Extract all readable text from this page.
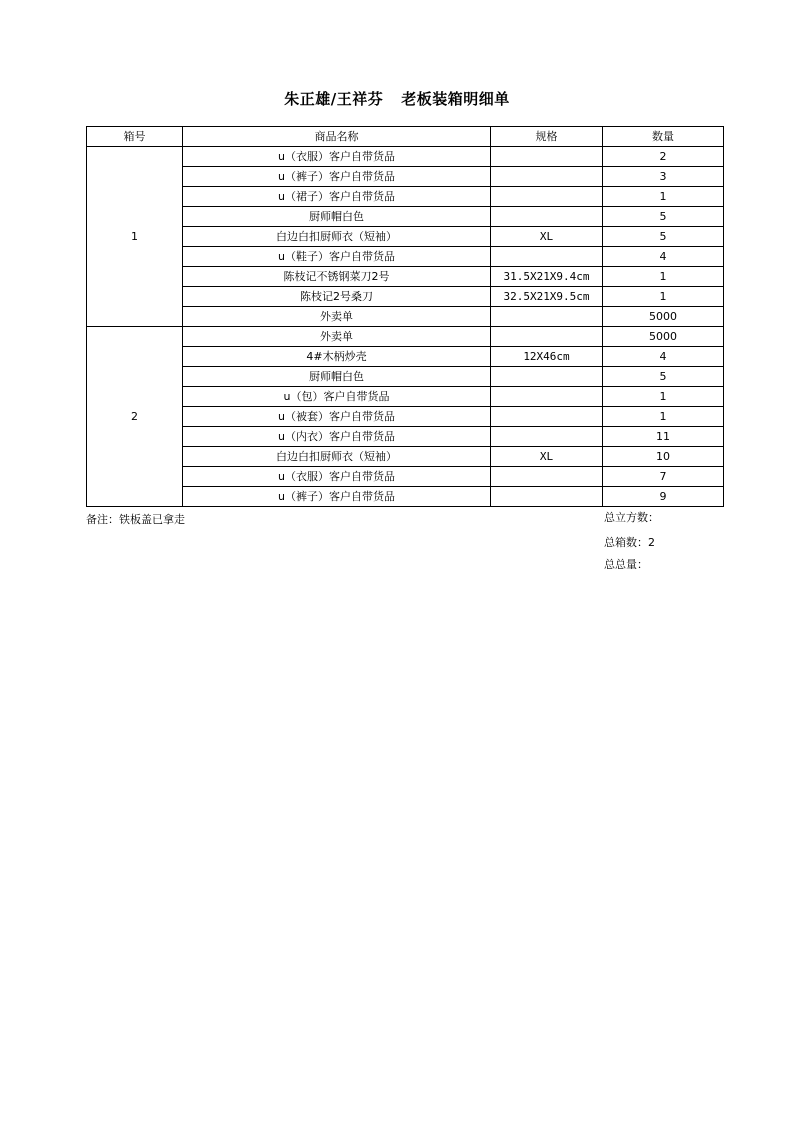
朱正雄/王祥芬 老板装箱明细单
箱号	商品名称	规格	数量
1	u（衣服）客户自带货品		2
	u（裤子）客户自带货品		3
	u（裙子）客户自带货品		1
	厨师帽白色		5
	白边白扣厨师衣（短袖）	XL	5
	u（鞋子）客户自带货品		4
	陈枝记不锈钢菜刀2号	31.5X21X9.4cm	1
	陈枝记2号桑刀	32.5X21X9.5cm	1
	外卖单		5000
2	外卖单		5000
	4#木柄炒壳	12X46cm	4
	厨师帽白色		5
	u（包）客户自带货品		1
	u（被套）客户自带货品		1
	u（内衣）客户自带货品		11
	白边白扣厨师衣（短袖）	XL	10
	u（衣服）客户自带货品		7
	u（裤子）客户自带货品		9
备注：铁板盖已拿走	总立方数：
总箱数：2
总总量：
